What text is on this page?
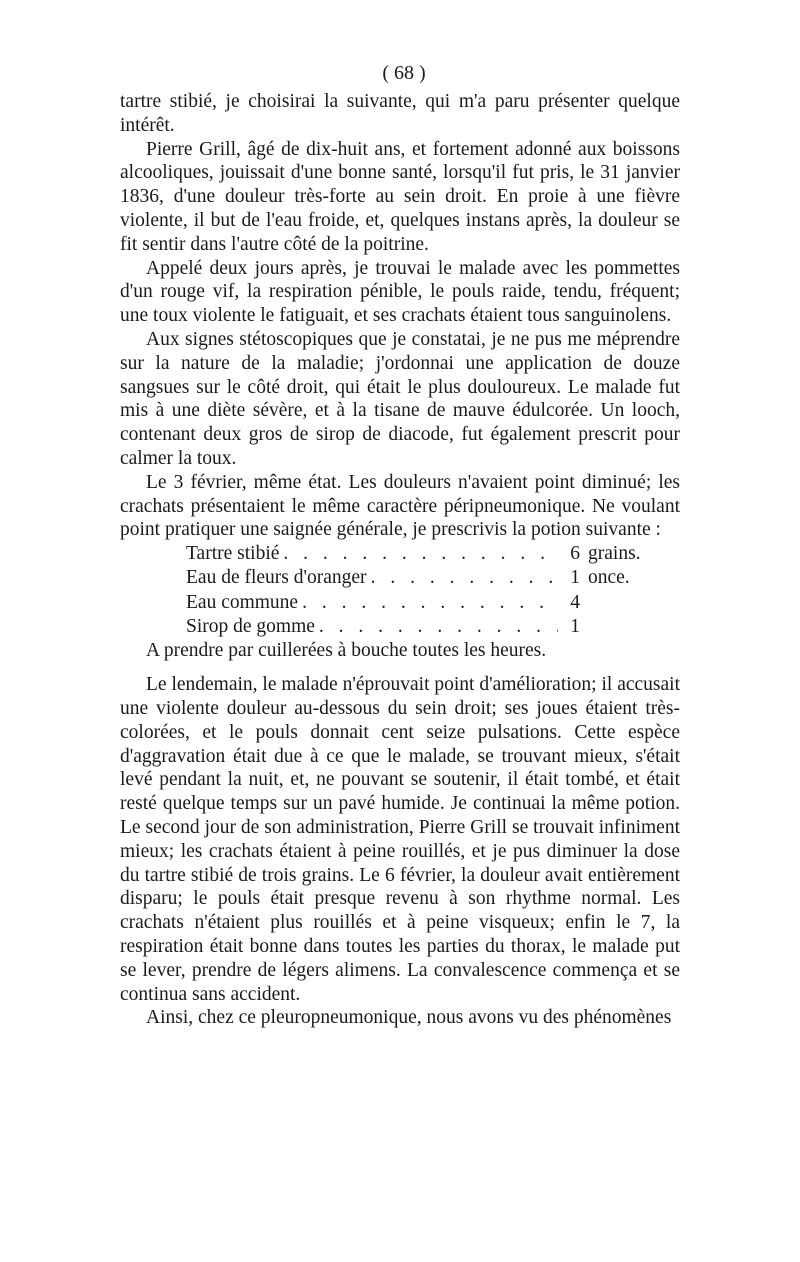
( 68 )

tartre stibié, je choisirai la suivante, qui m'a paru présenter quelque intérêt.

Pierre Grill, âgé de dix-huit ans, et fortement adonné aux boissons alcooliques, jouissait d'une bonne santé, lorsqu'il fut pris, le 31 janvier 1836, d'une douleur très-forte au sein droit. En proie à une fièvre violente, il but de l'eau froide, et, quelques instans après, la douleur se fit sentir dans l'autre côté de la poitrine.

Appelé deux jours après, je trouvai le malade avec les pommettes d'un rouge vif, la respiration pénible, le pouls raide, tendu, fréquent; une toux violente le fatiguait, et ses crachats étaient tous sanguinolens.

Aux signes stétoscopiques que je constatai, je ne pus me méprendre sur la nature de la maladie; j'ordonnai une application de douze sangsues sur le côté droit, qui était le plus douloureux. Le malade fut mis à une diète sévère, et à la tisane de mauve édulcorée. Un looch, contenant deux gros de sirop de diacode, fut également prescrit pour calmer la toux.

Le 3 février, même état. Les douleurs n'avaient point diminué; les crachats présentaient le même caractère péripneumonique. Ne voulant point pratiquer une saignée générale, je prescrivis la potion suivante :

Tartre stibié . . .	6 grains.
Eau de fleurs d'oranger . . .	1 once.
Eau commune . . .	4
Sirop de gomme . . .	1

A prendre par cuillerées à bouche toutes les heures.

Le lendemain, le malade n'éprouvait point d'amélioration; il accusait une violente douleur au-dessous du sein droit; ses joues étaient très-colorées, et le pouls donnait cent seize pulsations. Cette espèce d'aggravation était due à ce que le malade, se trouvant mieux, s'était levé pendant la nuit, et, ne pouvant se soutenir, il était tombé, et était resté quelque temps sur un pavé humide. Je continuai la même potion. Le second jour de son administration, Pierre Grill se trouvait infiniment mieux; les crachats étaient à peine rouillés, et je pus diminuer la dose du tartre stibié de trois grains. Le 6 février, la douleur avait entièrement disparu; le pouls était presque revenu à son rhythme normal. Les crachats n'étaient plus rouillés et à peine visqueux; enfin le 7, la respiration était bonne dans toutes les parties du thorax, le malade put se lever, prendre de légers alimens. La convalescence commença et se continua sans accident.

Ainsi, chez ce pleuropneumonique, nous avons vu des phénomènes
